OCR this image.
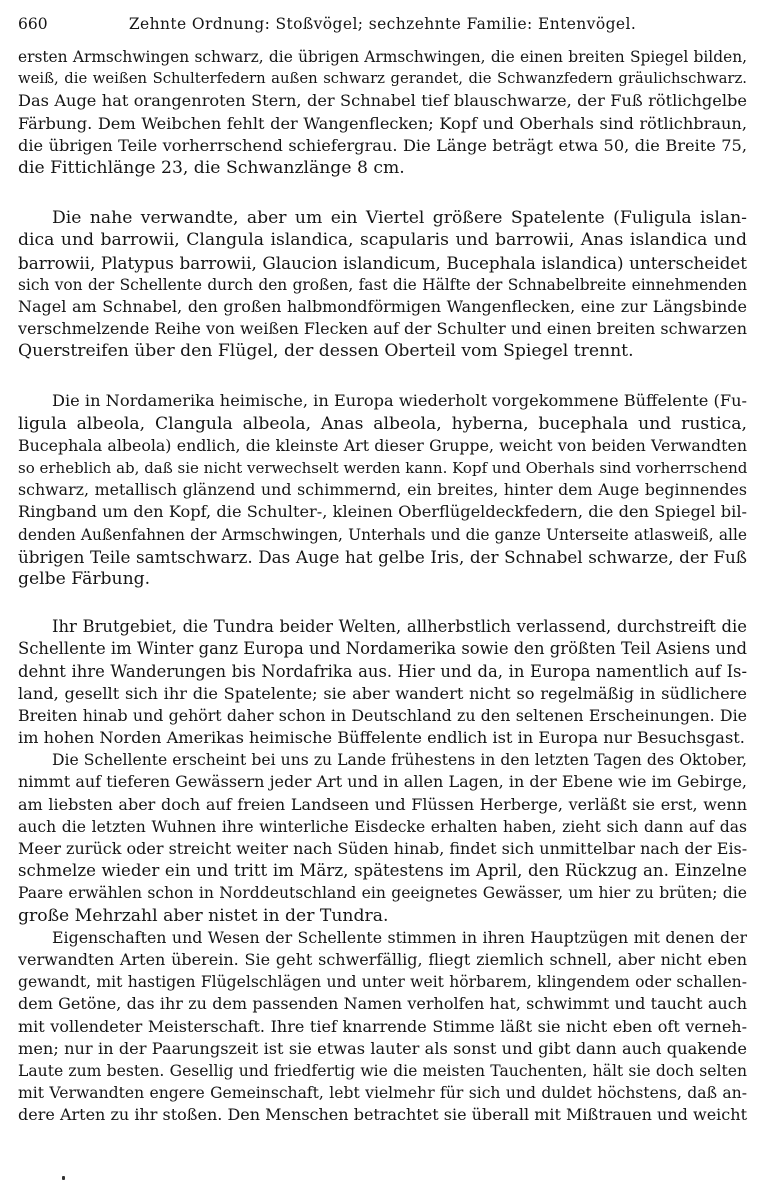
660	Zehnte Ordnung: Stoßvögel; sechzehnte Familie: Entenvögel.
ersten Armschwingen schwarz, die übrigen Armschwingen, die einen breiten Spiegel bilden,
weiß, die weißen Schulterfedern außen schwarz gerandet, die Schwanzfedern gräulichschwarz.
Das Auge hat orangenroten Stern, der Schnabel tief blauschwarze, der Fuß rötlichgelbe
Färbung. Dem Weibchen fehlt der Wangenflecken; Kopf und Oberhals sind rötlichbraun,
die übrigen Teile vorherrschend schiefergrau. Die Länge beträgt etwa 50, die Breite 75,
die Fittichlänge 23, die Schwanzlänge 8 cm.
Die nahe verwandte, aber um ein Viertel größere Spatelente (Fuligula islan-
dica und barrowii, Clangula islandica, scapularis und barrowii, Anas islandica und
barrowii, Platypus barrowii, Glaucion islandicum, Bucephala islandica) unterscheidet
sich von der Schellente durch den großen, fast die Hälfte der Schnabelbreite einnehmenden
Nagel am Schnabel, den großen halbmondförmigen Wangenflecken, eine zur Längsbinde
verschmelzende Reihe von weißen Flecken auf der Schulter und einen breiten schwarzen
Querstreifen über den Flügel, der dessen Oberteil vom Spiegel trennt.
Die in Nordamerika heimische, in Europa wiederholt vorgekommene Büffelente (Fu-
ligula albeola, Clangula albeola, Anas albeola, hyberna, bucephala und rustica,
Bucephala albeola) endlich, die kleinste Art dieser Gruppe, weicht von beiden Verwandten
so erheblich ab, daß sie nicht verwechselt werden kann. Kopf und Oberhals sind vorherrschend
schwarz, metallisch glänzend und schimmernd, ein breites, hinter dem Auge beginnendes
Ringband um den Kopf, die Schulter-, kleinen Oberflügeldeckfedern, die den Spiegel bil-
denden Außenfahnen der Armschwingen, Unterhals und die ganze Unterseite atlasweiß, alle
übrigen Teile samtschwarz. Das Auge hat gelbe Iris, der Schnabel schwarze, der Fuß
gelbe Färbung.
Ihr Brutgebiet, die Tundra beider Welten, allherbstlich verlassend, durchstreift die
Schellente im Winter ganz Europa und Nordamerika sowie den größten Teil Asiens und
dehnt ihre Wanderungen bis Nordafrika aus. Hier und da, in Europa namentlich auf Is-
land, gesellt sich ihr die Spatelente; sie aber wandert nicht so regelmäßig in südlichere
Breiten hinab und gehört daher schon in Deutschland zu den seltenen Erscheinungen. Die
im hohen Norden Amerikas heimische Büffelente endlich ist in Europa nur Besuchsgast.
Die Schellente erscheint bei uns zu Lande frühestens in den letzten Tagen des Oktober,
nimmt auf tieferen Gewässern jeder Art und in allen Lagen, in der Ebene wie im Gebirge,
am liebsten aber doch auf freien Landseen und Flüssen Herberge, verläßt sie erst, wenn
auch die letzten Wuhnen ihre winterliche Eisdecke erhalten haben, zieht sich dann auf das
Meer zurück oder streicht weiter nach Süden hinab, findet sich unmittelbar nach der Eis-
schmelze wieder ein und tritt im März, spätestens im April, den Rückzug an. Einzelne
Paare erwählen schon in Norddeutschland ein geeignetes Gewässer, um hier zu brüten; die
große Mehrzahl aber nistet in der Tundra.
Eigenschaften und Wesen der Schellente stimmen in ihren Hauptzügen mit denen der
verwandten Arten überein. Sie geht schwerfällig, fliegt ziemlich schnell, aber nicht eben
gewandt, mit hastigen Flügelschlägen und unter weit hörbarem, klingendem oder schallen-
dem Getöne, das ihr zu dem passenden Namen verholfen hat, schwimmt und taucht auch
mit vollendeter Meisterschaft. Ihre tief knarrende Stimme läßt sie nicht eben oft verneh-
men; nur in der Paarungszeit ist sie etwas lauter als sonst und gibt dann auch quakende
Laute zum besten. Gesellig und friedfertig wie die meisten Tauchenten, hält sie doch selten
mit Verwandten engere Gemeinschaft, lebt vielmehr für sich und duldet höchstens, daß an-
dere Arten zu ihr stoßen. Den Menschen betrachtet sie überall mit Mißtrauen und weicht
